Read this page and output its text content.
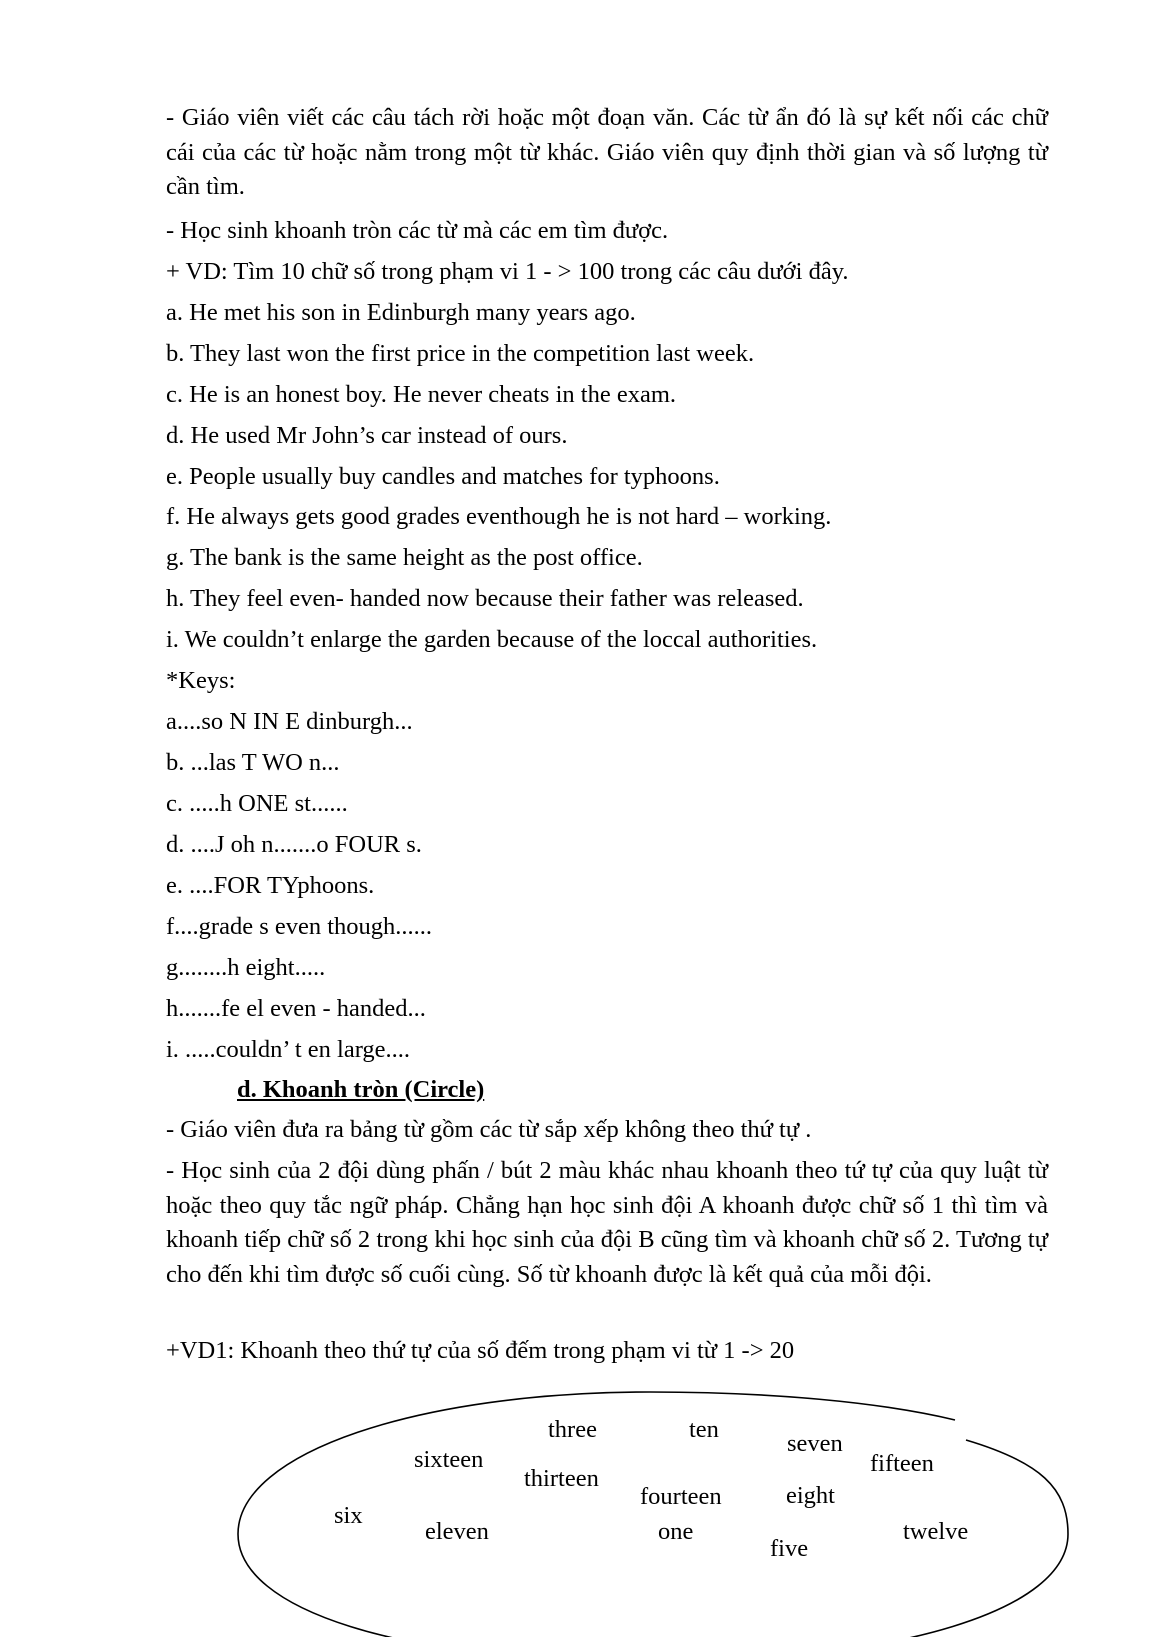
- Giáo viên viết các câu tách rời hoặc một đoạn văn. Các từ ẩn đó là sự kết nối các chữ cái của các từ hoặc nằm trong một từ khác. Giáo viên quy định thời gian và số lượng từ cần tìm.

- Học sinh khoanh tròn các từ mà các em tìm được.

+ VD: Tìm 10 chữ số trong phạm vi 1 - > 100 trong các câu dưới đây.

a. He met his son in Edinburgh many years ago.

b. They last won the first price in the competition last week.

c. He is an honest boy. He never cheats in the exam.

d. He used Mr John’s car instead of ours.

e. People usually buy candles and matches for typhoons.

f. He always gets good grades eventhough he is not hard – working.

g. The bank is the same height as the post office.

h. They feel even- handed now because their father was released.

i. We couldn’t enlarge the garden because of the loccal authorities.

*Keys:

a....so N IN E dinburgh...

b. ...las T WO n...

c. .....h ONE st......

d. ....J oh n.......o FOUR s.

e. ....FOR TYphoons.

f....grade s even though......

g........h eight.....

h.......fe el even - handed...

i. .....couldn’ t en large....

d. Khoanh tròn (Circle)

- Giáo viên đưa ra bảng từ gồm các từ sắp xếp không theo thứ tự .

- Học sinh của 2 đội dùng phấn / bút 2 màu khác nhau khoanh theo tứ tự của quy luật từ hoặc theo quy tắc ngữ pháp. Chẳng hạn học sinh đội A khoanh được chữ số 1 thì tìm và khoanh tiếp chữ số 2 trong khi học sinh của đội B cũng tìm và khoanh chữ số 2. Tương tự cho đến khi tìm được số cuối cùng. Số từ khoanh được là kết quả của mỗi đội.

+VD1: Khoanh theo thứ tự của số đếm trong phạm vi từ 1 -> 20

three	ten
seven
sixteen	fifteen
thirteen
fourteen	eight
six
eleven	one	twelve
five
